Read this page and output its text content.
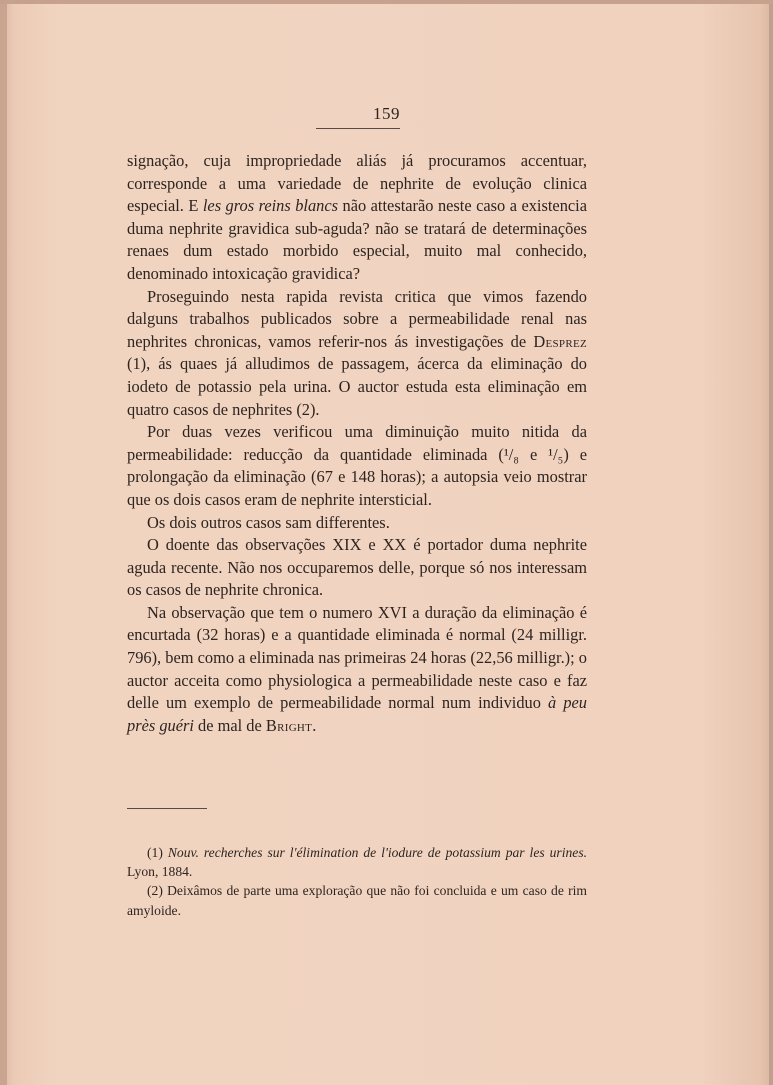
159

signação, cuja impropriedade aliás já procuramos accentuar, corresponde a uma variedade de nephrite de evolução clinica especial. E les gros reins blancs não attestarão neste caso a existencia duma nephrite gravidica sub-aguda? não se tratará de determinações renaes dum estado morbido especial, muito mal conhecido, denominado intoxicação gravidica?

Proseguindo nesta rapida revista critica que vimos fazendo dalguns trabalhos publicados sobre a permeabilidade renal nas nephrites chronicas, vamos referir-nos ás investigações de Desprez (1), ás quaes já alludimos de passagem, ácerca da eliminação do iodeto de potassio pela urina. O auctor estuda esta eliminação em quatro casos de nephrites (2).

Por duas vezes verificou uma diminuição muito nitida da permeabilidade: reducção da quantidade eliminada (¹/₈ e ¹/₅) e prolongação da eliminação (67 e 148 horas); a autopsia veio mostrar que os dois casos eram de nephrite intersticial.

Os dois outros casos sam differentes.

O doente das observações XIX e XX é portador duma nephrite aguda recente. Não nos occuparemos delle, porque só nos interessam os casos de nephrite chronica.

Na observação que tem o numero XVI a duração da eliminação é encurtada (32 horas) e a quantidade eliminada é normal (24 milligr. 796), bem como a eliminada nas primeiras 24 horas (22,56 milligr.); o auctor acceita como physiologica a permeabilidade neste caso e faz delle um exemplo de permeabilidade normal num individuo à peu près guéri de mal de Bright.

(1) Nouv. recherches sur l'élimination de l'iodure de potassium par les urines. Lyon, 1884.

(2) Deixâmos de parte uma exploração que não foi concluida e um caso de rim amyloide.
